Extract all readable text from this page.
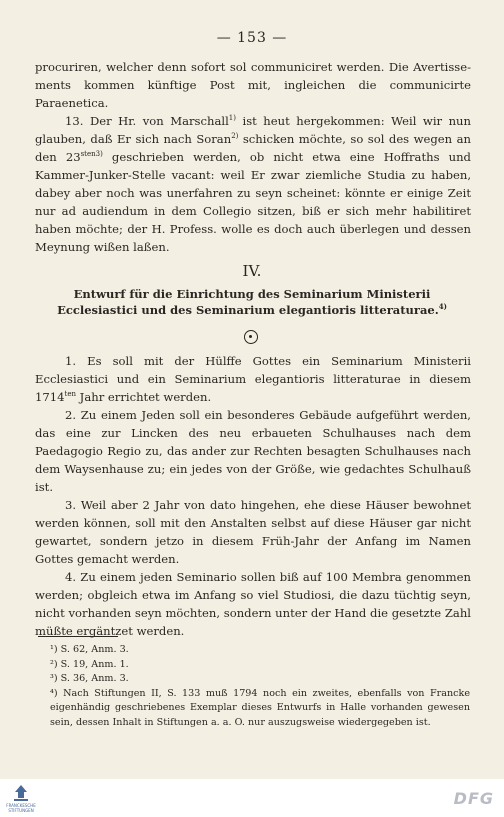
— 153 —

procuriren, welcher denn sofort sol communiciret werden. Die Avertisse- ments kommen künftige Post mit, ingleichen die communicirte Paraenetica.

13. Der Hr. von Marschall$^{1)}$ ist heut hergekommen: Weil wir nun glauben, daß Er sich nach Soran$^{2)}$ schicken möchte, so sol des wegen an den $23^{sten3)}$ geschrieben werden, ob nicht etwa eine Hoffraths und Kammer-Junker-Stelle vacant: weil Er zwar ziemliche Studia zu haben, dabey aber noch was unerfahren zu seyn scheinet: könnte er einige Zeit nur ad audiendum in dem Collegio sitzen, biß er sich mehr habilitiret haben möchte; der H. Profess. wolle es doch auch überlegen und dessen Meynung wißen laßen.

IV.
Entwurf für die Einrichtung des Seminarium Ministerii Ecclesiastici und des Seminarium elegantioris litteraturae.$^{4)}$

1. Es soll mit der Hülffe Gottes ein Seminarium Ministerii Ecclesiastici und ein Seminarium elegantioris litteraturae in diesem $1714^{ten}$ Jahr errichtet werden.

2. Zu einem Jeden soll ein besonderes Gebäude aufgeführt werden, das eine zur Lincken des neu erbaueten Schulhauses nach dem Paedagogio Regio zu, das ander zur Rechten besagten Schulhauses nach dem Waysenhause zu; ein jedes von der Größe, wie gedachtes Schulhauß ist.

3. Weil aber 2 Jahr von dato hingehen, ehe diese Häuser bewohnet werden können, soll mit den Anstalten selbst auf diese Häuser gar nicht gewartet, sondern jetzo in diesem Früh-Jahr der Anfang im Namen Gottes gemacht werden.

4. Zu einem jeden Seminario sollen biß auf 100 Membra genommen werden; obgleich etwa im Anfang so viel Studiosi, die dazu tüchtig seyn, nicht vorhanden seyn möchten, sondern unter der Hand die gesetzte Zahl müßte ergäntzet werden.

¹) S. 62, Anm. 3.

²) S. 19, Anm. 1.

³) S. 36, Anm. 3.

⁴) Nach Stiftungen II, S. 133 muß 1794 noch ein zweites, ebenfalls von Francke eigenhändig geschriebenes Exemplar dieses Entwurfs in Halle vorhanden gewesen sein, dessen Inhalt in Stiftungen a. a. O. nur auszugsweise wiedergegeben ist.

FRANCKESCHE
STIFTUNGEN
DFG
